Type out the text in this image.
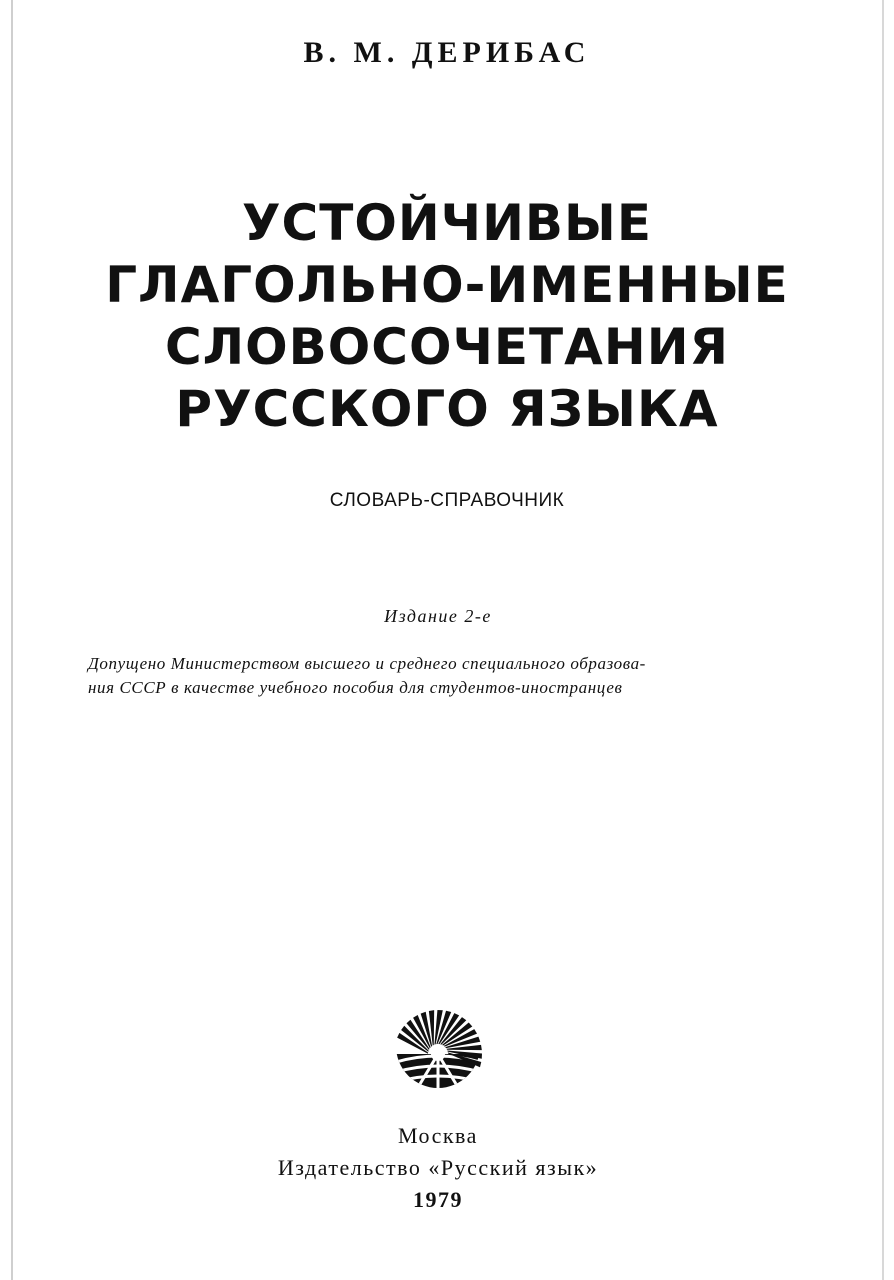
В. М. ДЕРИБАС
УСТОЙЧИВЫЕ
ГЛАГОЛЬНО-ИМЕННЫЕ
СЛОВОСОЧЕТАНИЯ
РУССКОГО ЯЗЫКА
СЛОВАРЬ-СПРАВОЧНИК
Издание 2-е
Допущено Министерством высшего и среднего специального образова-
ния СССР в качестве учебного пособия для студентов-иностранцев
Москва
Издательство «Русский язык»
1979
